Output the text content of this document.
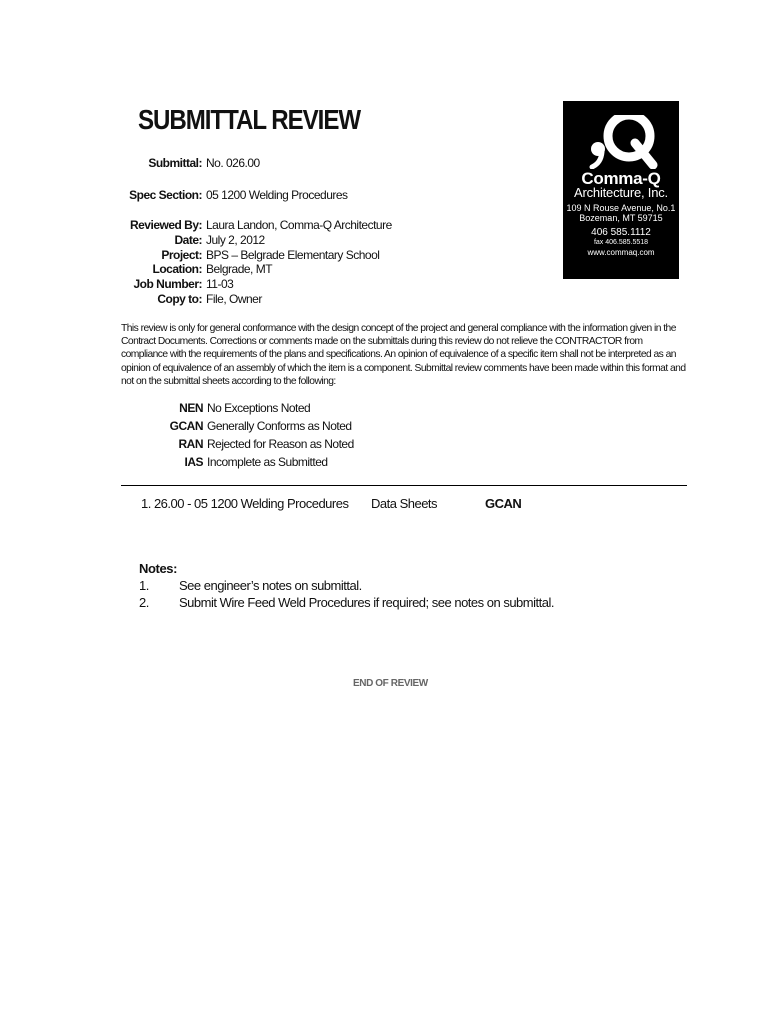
SUBMITTAL REVIEW
Submittal: No. 026.00
Spec Section: 05 1200 Welding Procedures
Reviewed By: Laura Landon, Comma-Q Architecture
Date: July 2, 2012
Project: BPS – Belgrade Elementary School
Location: Belgrade, MT
Job Number: 11-03
Copy to: File, Owner
Comma-Q
Architecture, Inc.
109 N Rouse Avenue, No.1
Bozeman, MT 59715
406 585.1112
fax 406.585.5518
www.commaq.com

This review is only for general conformance with the design concept of the project and general compliance with the information given in the Contract Documents. Corrections or comments made on the submittals during this review do not relieve the CONTRACTOR from compliance with the requirements of the plans and specifications. An opinion of equivalence of a specific item shall not be interpreted as an opinion of equivalence of an assembly of which the item is a component. Submittal review comments have been made within this format and not on the submittal sheets according to the following:

NEN No Exceptions Noted
GCAN Generally Conforms as Noted
RAN Rejected for Reason as Noted
IAS Incomplete as Submitted
1. 26.00 - 05 1200 Welding Procedures Data Sheets	GCAN
Notes:
1. See engineer’s notes on submittal.
2. Submit Wire Feed Weld Procedures if required; see notes on submittal.
END OF REVIEW
